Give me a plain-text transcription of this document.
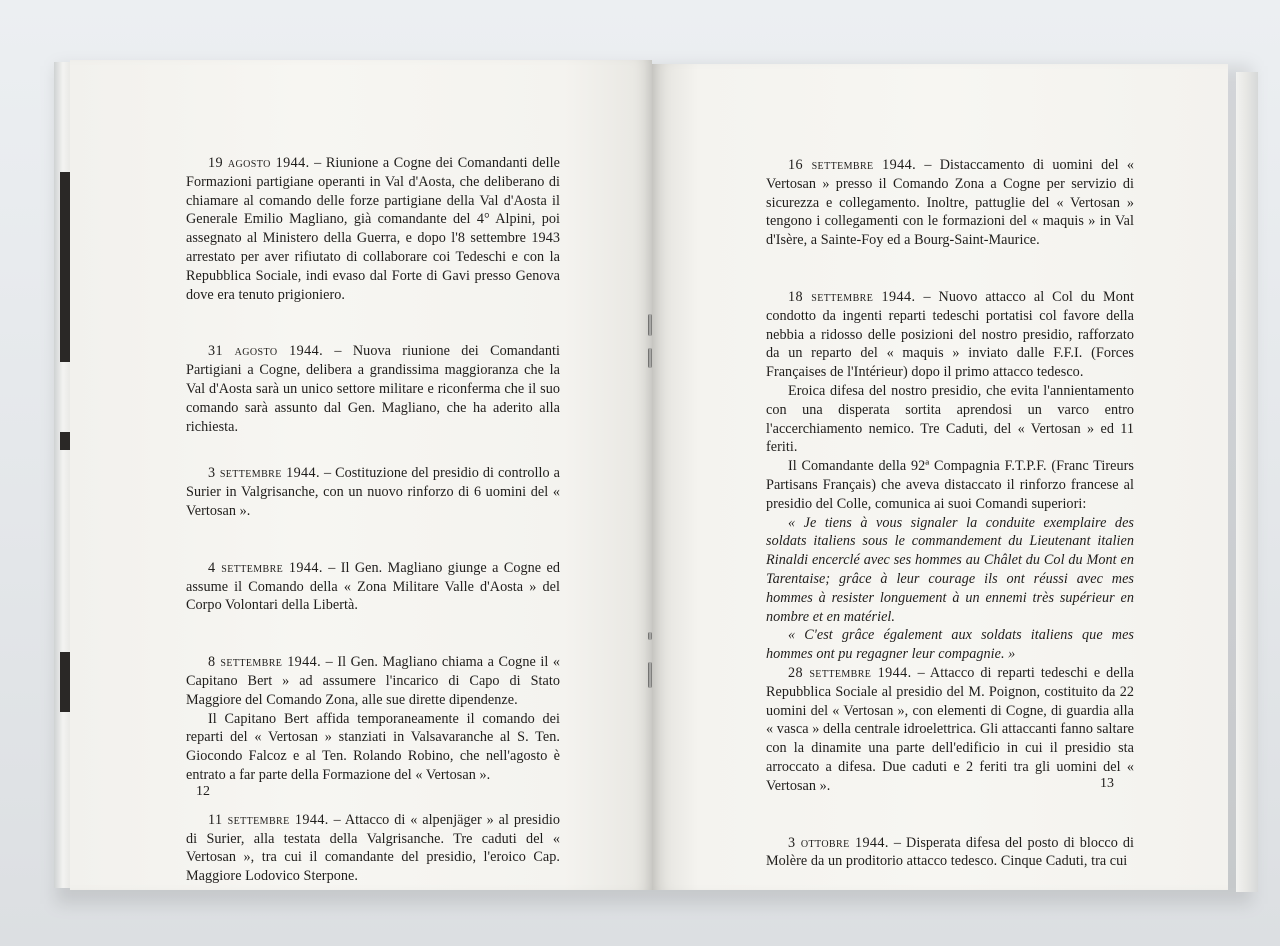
19 agosto 1944. – Riunione a Cogne dei Comandanti delle Formazioni partigiane operanti in Val d'Aosta, che deliberano di chiamare al comando delle forze partigiane della Val d'Aosta il Generale Emilio Magliano, già comandante del 4° Alpini, poi assegnato al Ministero della Guerra, e dopo l'8 settembre 1943 arrestato per aver rifiutato di collaborare coi Tedeschi e con la Repubblica Sociale, indi evaso dal Forte di Gavi presso Genova dove era tenuto prigioniero.

31 agosto 1944. – Nuova riunione dei Comandanti Partigiani a Cogne, delibera a grandissima maggioranza che la Val d'Aosta sarà un unico settore militare e riconferma che il suo comando sarà assunto dal Gen. Magliano, che ha aderito alla richiesta.

3 settembre 1944. – Costituzione del presidio di controllo a Surier in Valgrisanche, con un nuovo rinforzo di 6 uomini del « Vertosan ».

4 settembre 1944. – Il Gen. Magliano giunge a Cogne ed assume il Comando della « Zona Militare Valle d'Aosta » del Corpo Volontari della Libertà.

8 settembre 1944. – Il Gen. Magliano chiama a Cogne il « Capitano Bert » ad assumere l'incarico di Capo di Stato Maggiore del Comando Zona, alle sue dirette dipendenze.

Il Capitano Bert affida temporaneamente il comando dei reparti del « Vertosan » stanziati in Valsavaranche al S. Ten. Giocondo Falcoz e al Ten. Rolando Robino, che nell'agosto è entrato a far parte della Formazione del « Vertosan ».

11 settembre 1944. – Attacco di « alpenjäger » al presidio di Surier, alla testata della Valgrisanche. Tre caduti del « Vertosan », tra cui il comandante del presidio, l'eroico Cap. Maggiore Lodovico Sterpone.

12

16 settembre 1944. – Distaccamento di uomini del « Vertosan » presso il Comando Zona a Cogne per servizio di sicurezza e collegamento. Inoltre, pattuglie del « Vertosan » tengono i collegamenti con le formazioni del « maquis » in Val d'Isère, a Sainte-Foy ed a Bourg-Saint-Maurice.

18 settembre 1944. – Nuovo attacco al Col du Mont condotto da ingenti reparti tedeschi portatisi col favore della nebbia a ridosso delle posizioni del nostro presidio, rafforzato da un reparto del « maquis » inviato dalle F.F.I. (Forces Françaises de l'Intérieur) dopo il primo attacco tedesco.

Eroica difesa del nostro presidio, che evita l'annientamento con una disperata sortita aprendosi un varco entro l'accerchiamento nemico. Tre Caduti, del « Vertosan » ed 11 feriti.

Il Comandante della 92ª Compagnia F.T.P.F. (Franc Tireurs Partisans Français) che aveva distaccato il rinforzo francese al presidio del Colle, comunica ai suoi Comandi superiori:

« Je tiens à vous signaler la conduite exemplaire des soldats italiens sous le commandement du Lieutenant italien Rinaldi encerclé avec ses hommes au Châlet du Col du Mont en Tarentaise; grâce à leur courage ils ont réussi avec mes hommes à resister longuement à un ennemi très supérieur en nombre et en matériel.

« C'est grâce également aux soldats italiens que mes hommes ont pu regagner leur compagnie. »

28 settembre 1944. – Attacco di reparti tedeschi e della Repubblica Sociale al presidio del M. Poignon, costituito da 22 uomini del « Vertosan », con elementi di Cogne, di guardia alla « vasca » della centrale idroelettrica. Gli attaccanti fanno saltare con la dinamite una parte dell'edificio in cui il presidio sta arroccato a difesa. Due caduti e 2 feriti tra gli uomini del « Vertosan ».

3 ottobre 1944. – Disperata difesa del posto di blocco di Molère da un proditorio attacco tedesco. Cinque Caduti, tra cui

13
